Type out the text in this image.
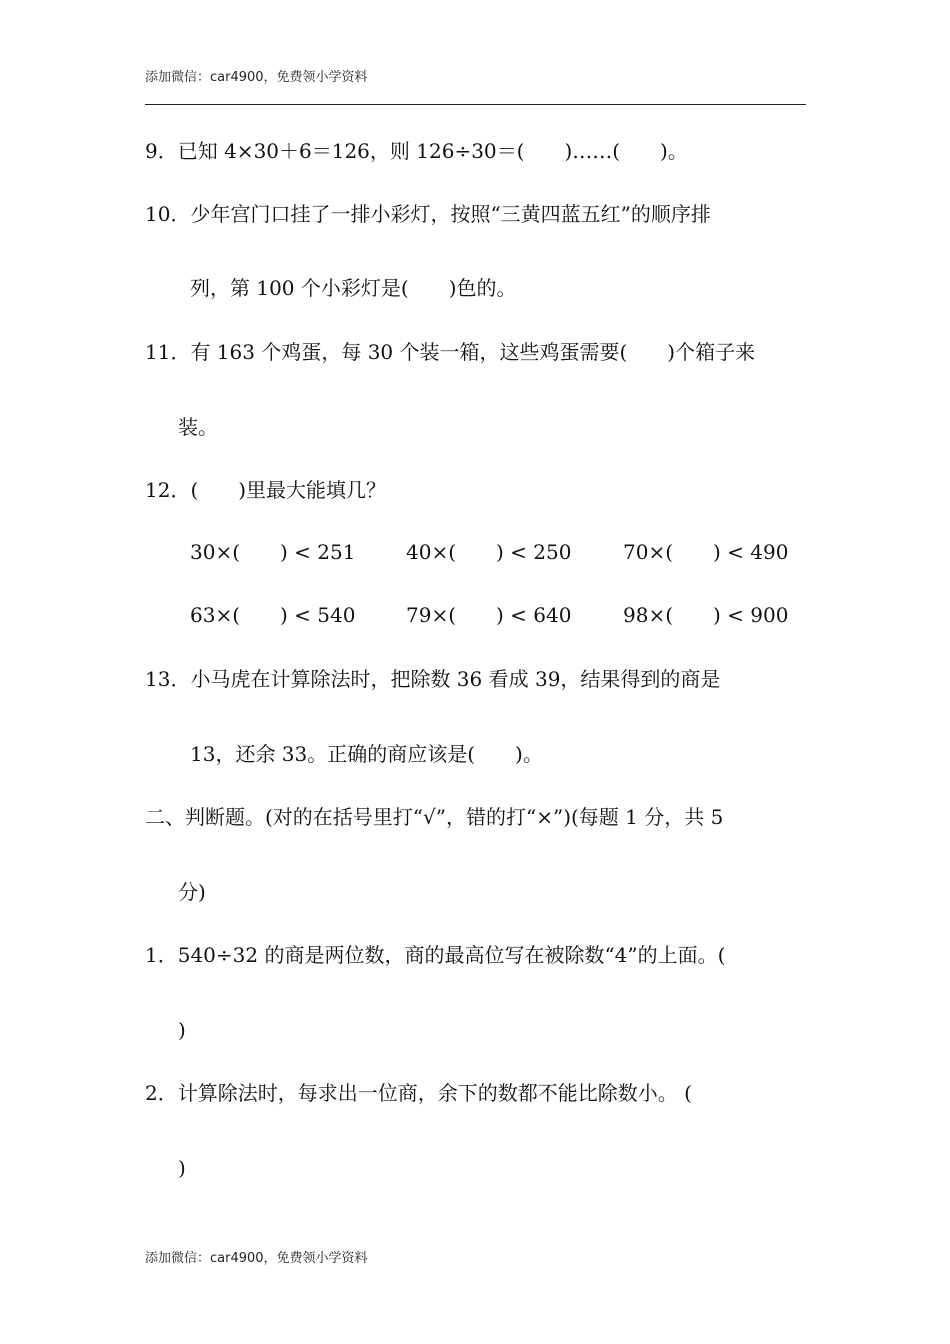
添加微信：car4900，免费领小学资料
9．已知 4×30＋6＝126，则 126÷30＝(　　)……(　　)。
10．少年宫门口挂了一排小彩灯，按照“三黄四蓝五红”的顺序排
列，第 100 个小彩灯是(　　)色的。
11．有 163 个鸡蛋，每 30 个装一箱，这些鸡蛋需要(　　)个箱子来
装。
12．(　　)里最大能填几？
30×(　　) < 251	40×(　　) < 250	70×(　　) < 490
63×(　　) < 540	79×(　　) < 640	98×(　　) < 900
13．小马虎在计算除法时，把除数 36 看成 39，结果得到的商是
13，还余 33。正确的商应该是(　　)。
二、判断题。(对的在括号里打“√”，错的打“×”)(每题 1 分，共 5
分)
1．540÷32 的商是两位数，商的最高位写在被除数“4”的上面。(
)
2．计算除法时，每求出一位商，余下的数都不能比除数小。 (
)
添加微信：car4900，免费领小学资料
